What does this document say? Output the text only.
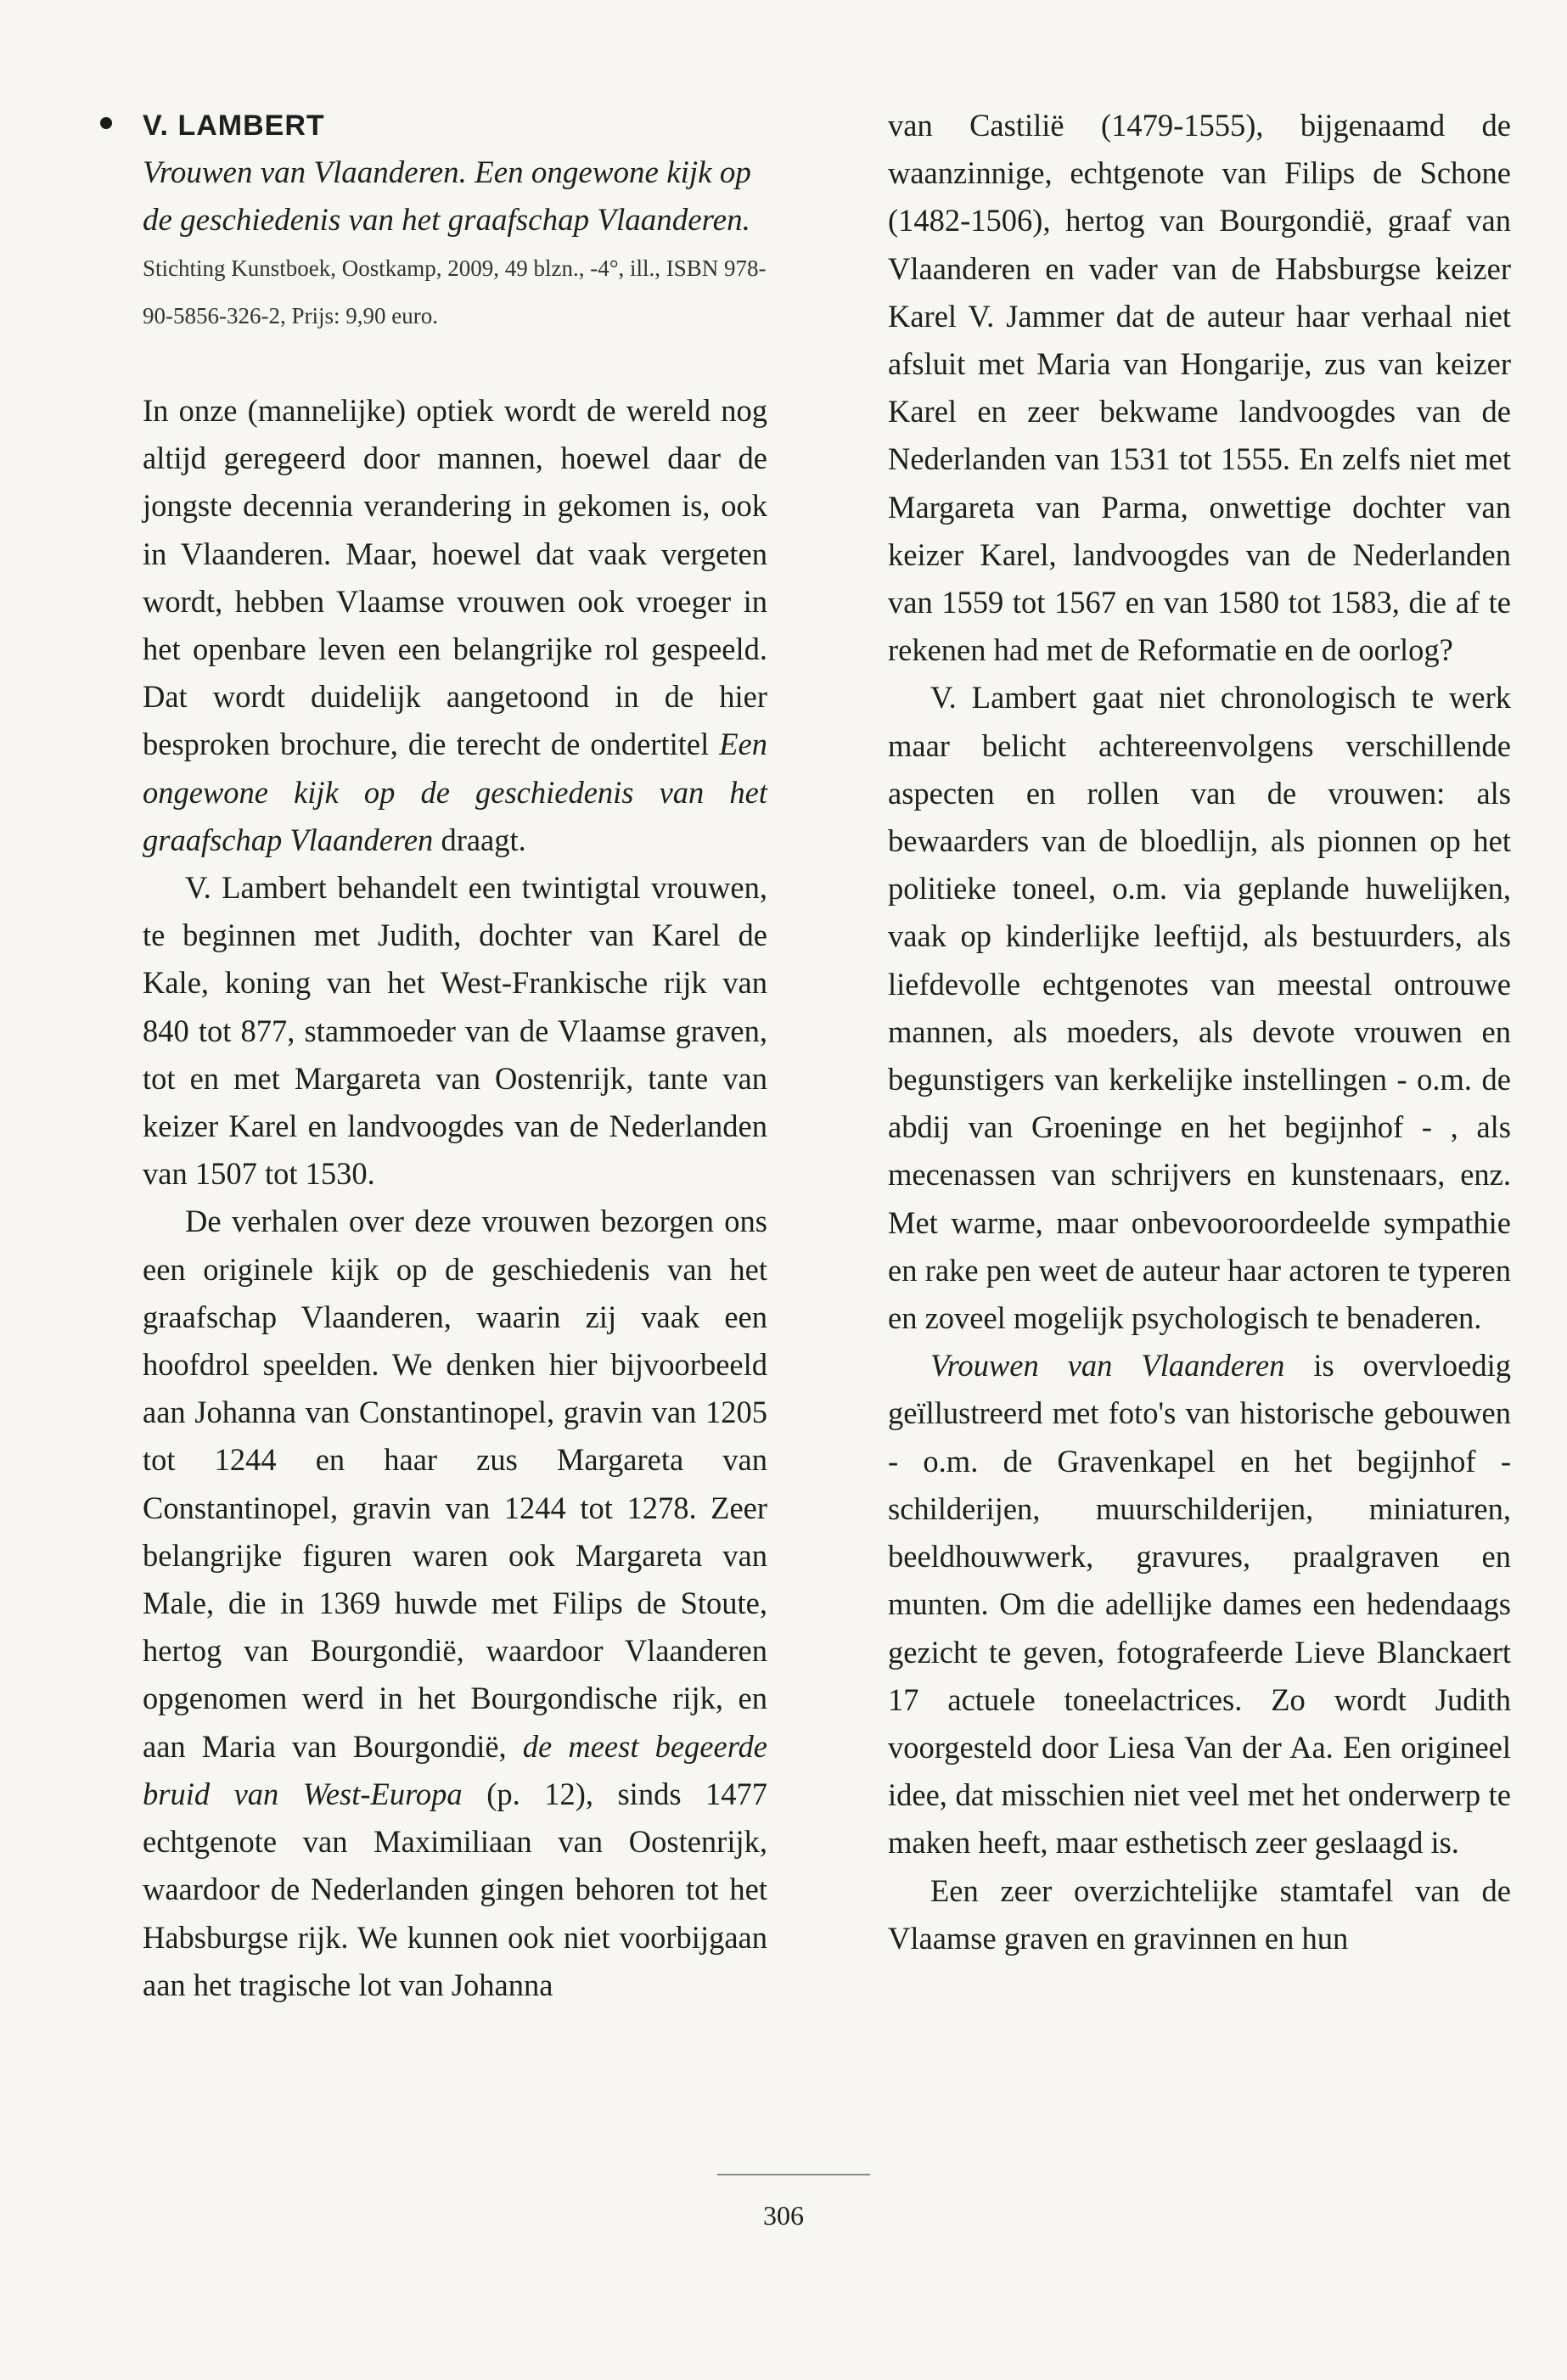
V. LAMBERT

Vrouwen van Vlaanderen. Een ongewone kijk op de geschiedenis van het graafschap Vlaanderen.

Stichting Kunstboek, Oostkamp, 2009, 49 blzn., -4°, ill., ISBN 978-90-5856-326-2, Prijs: 9,90 euro.

In onze (mannelijke) optiek wordt de wereld nog altijd geregeerd door mannen, hoewel daar de jongste decennia verandering in gekomen is, ook in Vlaanderen. Maar, hoewel dat vaak vergeten wordt, hebben Vlaamse vrouwen ook vroeger in het openbare leven een belangrijke rol gespeeld. Dat wordt duidelijk aangetoond in de hier besproken brochure, die terecht de ondertitel Een ongewone kijk op de geschiedenis van het graafschap Vlaanderen draagt.

V. Lambert behandelt een twintigtal vrouwen, te beginnen met Judith, dochter van Karel de Kale, koning van het West-Frankische rijk van 840 tot 877, stammoeder van de Vlaamse graven, tot en met Margareta van Oostenrijk, tante van keizer Karel en landvoogdes van de Nederlanden van 1507 tot 1530.

De verhalen over deze vrouwen bezorgen ons een originele kijk op de geschiedenis van het graafschap Vlaanderen, waarin zij vaak een hoofdrol speelden. We denken hier bijvoorbeeld aan Johanna van Constantinopel, gravin van 1205 tot 1244 en haar zus Margareta van Constantinopel, gravin van 1244 tot 1278. Zeer belangrijke figuren waren ook Margareta van Male, die in 1369 huwde met Filips de Stoute, hertog van Bourgondië, waardoor Vlaanderen opgenomen werd in het Bourgondische rijk, en aan Maria van Bourgondië, de meest begeerde bruid van West-Europa (p. 12), sinds 1477 echtgenote van Maximiliaan van Oostenrijk, waardoor de Nederlanden gingen behoren tot het Habsburgse rijk. We kunnen ook niet voorbijgaan aan het tragische lot van Johanna

van Castilië (1479-1555), bijgenaamd de waanzinnige, echtgenote van Filips de Schone (1482-1506), hertog van Bourgondië, graaf van Vlaanderen en vader van de Habsburgse keizer Karel V. Jammer dat de auteur haar verhaal niet afsluit met Maria van Hongarije, zus van keizer Karel en zeer bekwame landvoogdes van de Nederlanden van 1531 tot 1555. En zelfs niet met Margareta van Parma, onwettige dochter van keizer Karel, landvoogdes van de Nederlanden van 1559 tot 1567 en van 1580 tot 1583, die af te rekenen had met de Reformatie en de oorlog?

V. Lambert gaat niet chronologisch te werk maar belicht achtereenvolgens verschillende aspecten en rollen van de vrouwen: als bewaarders van de bloedlijn, als pionnen op het politieke toneel, o.m. via geplande huwelijken, vaak op kinderlijke leeftijd, als bestuurders, als liefdevolle echtgenotes van meestal ontrouwe mannen, als moeders, als devote vrouwen en begunstigers van kerkelijke instellingen - o.m. de abdij van Groeninge en het begijnhof - , als mecenassen van schrijvers en kunstenaars, enz. Met warme, maar onbevooroordeelde sympathie en rake pen weet de auteur haar actoren te typeren en zoveel mogelijk psychologisch te benaderen.

Vrouwen van Vlaanderen is overvloedig geïllustreerd met foto's van historische gebouwen - o.m. de Gravenkapel en het begijnhof - schilderijen, muurschilderijen, miniaturen, beeldhouwwerk, gravures, praalgraven en munten. Om die adellijke dames een hedendaags gezicht te geven, fotografeerde Lieve Blanckaert 17 actuele toneelactrices. Zo wordt Judith voorgesteld door Liesa Van der Aa. Een origineel idee, dat misschien niet veel met het onderwerp te maken heeft, maar esthetisch zeer geslaagd is.

Een zeer overzichtelijke stamtafel van de Vlaamse graven en gravinnen en hun

306
